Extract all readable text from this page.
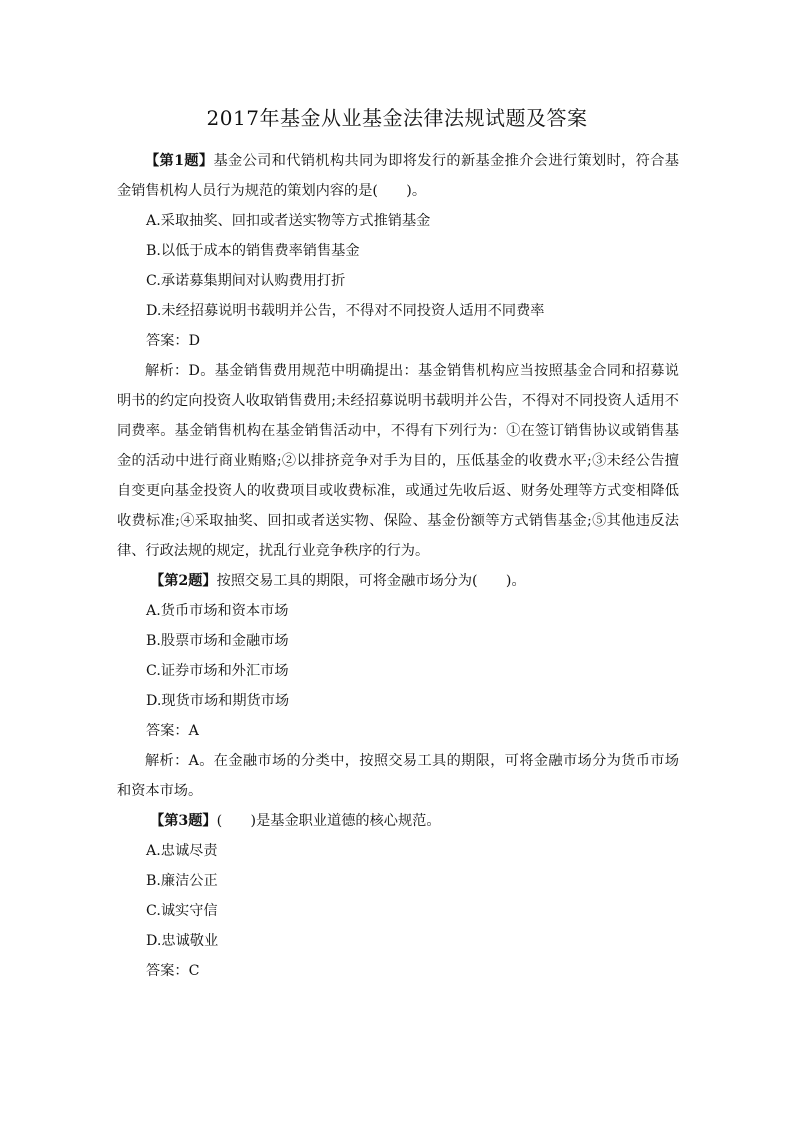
2017年基金从业基金法律法规试题及答案

【第1题】基金公司和代销机构共同为即将发行的新基金推介会进行策划时，符合基金销售机构人员行为规范的策划内容的是(　　)。

A.采取抽奖、回扣或者送实物等方式推销基金

B.以低于成本的销售费率销售基金

C.承诺募集期间对认购费用打折

D.未经招募说明书载明并公告，不得对不同投资人适用不同费率

答案：D

解析：D。基金销售费用规范中明确提出：基金销售机构应当按照基金合同和招募说明书的约定向投资人收取销售费用;未经招募说明书载明并公告，不得对不同投资人适用不同费率。基金销售机构在基金销售活动中，不得有下列行为：①在签订销售协议或销售基金的活动中进行商业贿赂;②以排挤竞争对手为目的，压低基金的收费水平;③未经公告擅自变更向基金投资人的收费项目或收费标准，或通过先收后返、财务处理等方式变相降低收费标准;④采取抽奖、回扣或者送实物、保险、基金份额等方式销售基金;⑤其他违反法律、行政法规的规定，扰乱行业竞争秩序的行为。

【第2题】按照交易工具的期限，可将金融市场分为(　　)。

A.货币市场和资本市场

B.股票市场和金融市场

C.证券市场和外汇市场

D.现货市场和期货市场

答案：A

解析：A。在金融市场的分类中，按照交易工具的期限，可将金融市场分为货币市场和资本市场。

【第3题】(　　)是基金职业道德的核心规范。

A.忠诚尽责

B.廉洁公正

C.诚实守信

D.忠诚敬业

答案：C
